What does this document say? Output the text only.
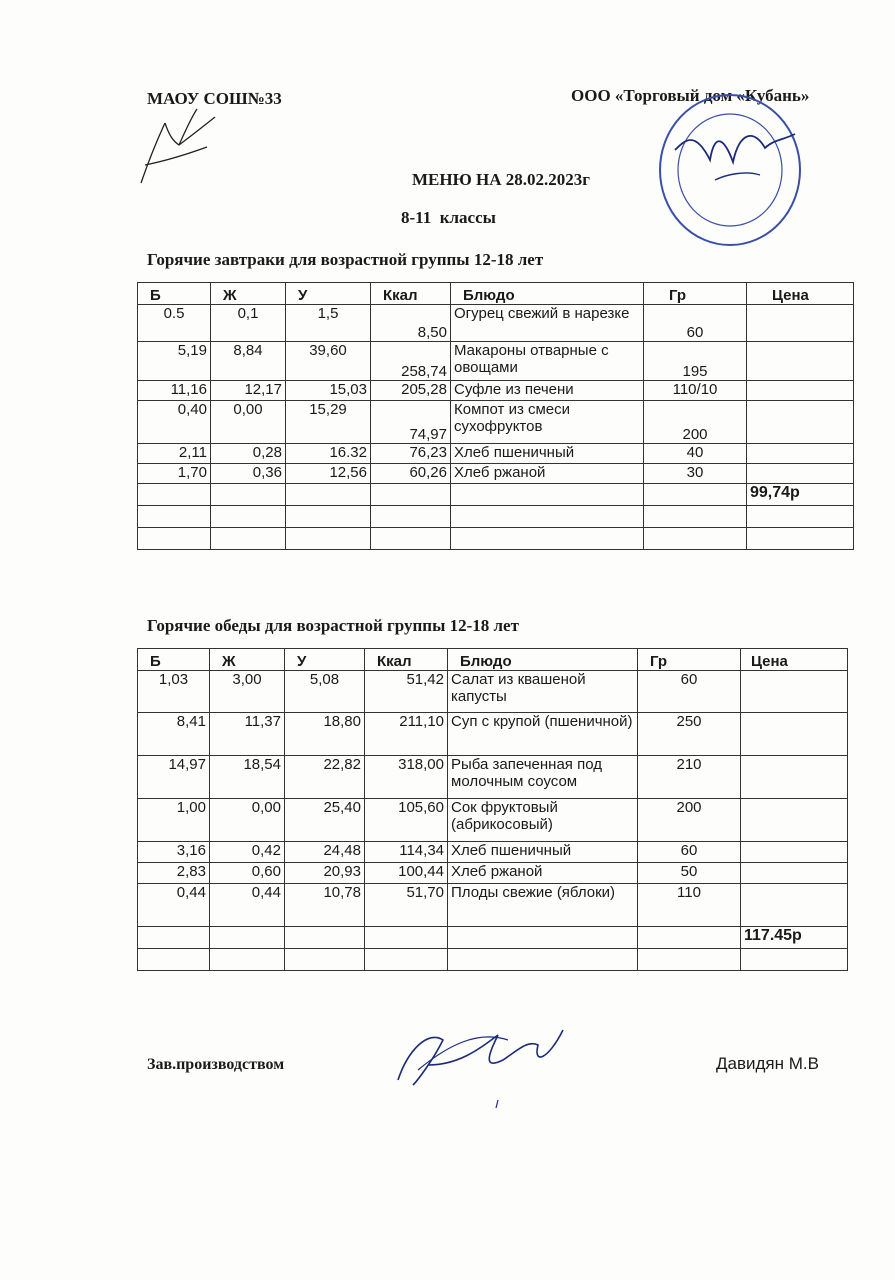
МАОУ СОШ№33	ООО «Торговый дом «Кубань»
МЕНЮ НА 28.02.2023г
8-11  классы
Горячие завтраки для возрастной группы 12-18 лет
Б	Ж	У	Ккал	Блюдо	Гр	Цена
0.5	0,1	1,5	8,50	Огурец свежий в нарезке	60	
5,19	8,84	39,60	258,74	Макароны отварные с овощами	195	
11,16	12,17	15,03	205,28	Суфле из печени	110/10	
0,40	0,00	15,29	74,97	Компот из смеси сухофруктов	200	
2,11	0,28	16.32	76,23	Хлеб пшеничный	40	
1,70	0,36	12,56	60,26	Хлеб ржаной	30	
						99,74р

Горячие обеды для возрастной группы 12-18 лет
Б	Ж	У	Ккал	Блюдо	Гр	Цена
1,03	3,00	5,08	51,42	Салат из квашеной капусты	60	
8,41	11,37	18,80	211,10	Суп с крупой (пшеничной)	250	
14,97	18,54	22,82	318,00	Рыба запеченная под молочным соусом	210	
1,00	0,00	25,40	105,60	Сок фруктовый (абрикосовый)	200	
3,16	0,42	24,48	114,34	Хлеб пшеничный	60	
2,83	0,60	20,93	100,44	Хлеб ржаной	50	
0,44	0,44	10,78	51,70	Плоды свежие (яблоки)	110	
						117.45р

Зав.производством	Давидян М.В
